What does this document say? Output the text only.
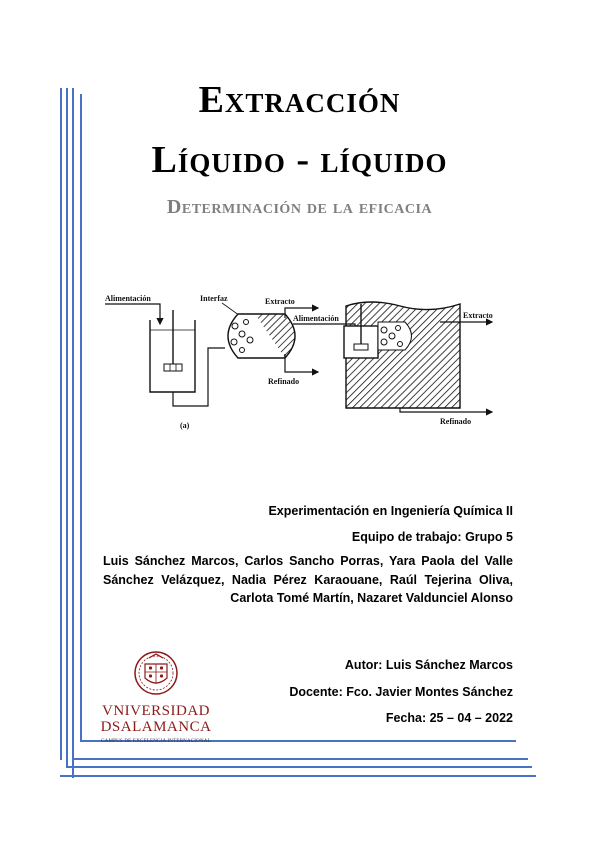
Extracción
Líquido - líquido
Determinación de la eficacia
Alimentación
(a)
Interfaz	Extracto
Refinado
Alimentación	Extracto
Refinado

Experimentación en Ingeniería Química II

Equipo de trabajo: Grupo 5

Luis Sánchez Marcos, Carlos Sancho Porras, Yara Paola del Valle Sánchez Velázquez, Nadia Pérez Karaouane, Raúl Tejerina Oliva, Carlota Tomé Martín, Nazaret Valdunciel Alonso

Autor: Luis Sánchez Marcos

Docente: Fco. Javier Montes Sánchez

Fecha: 25 – 04 – 2022

VNIVERSIDAD
DSALAMANCA
CAMPUS DE EXCELENCIA INTERNACIONAL
